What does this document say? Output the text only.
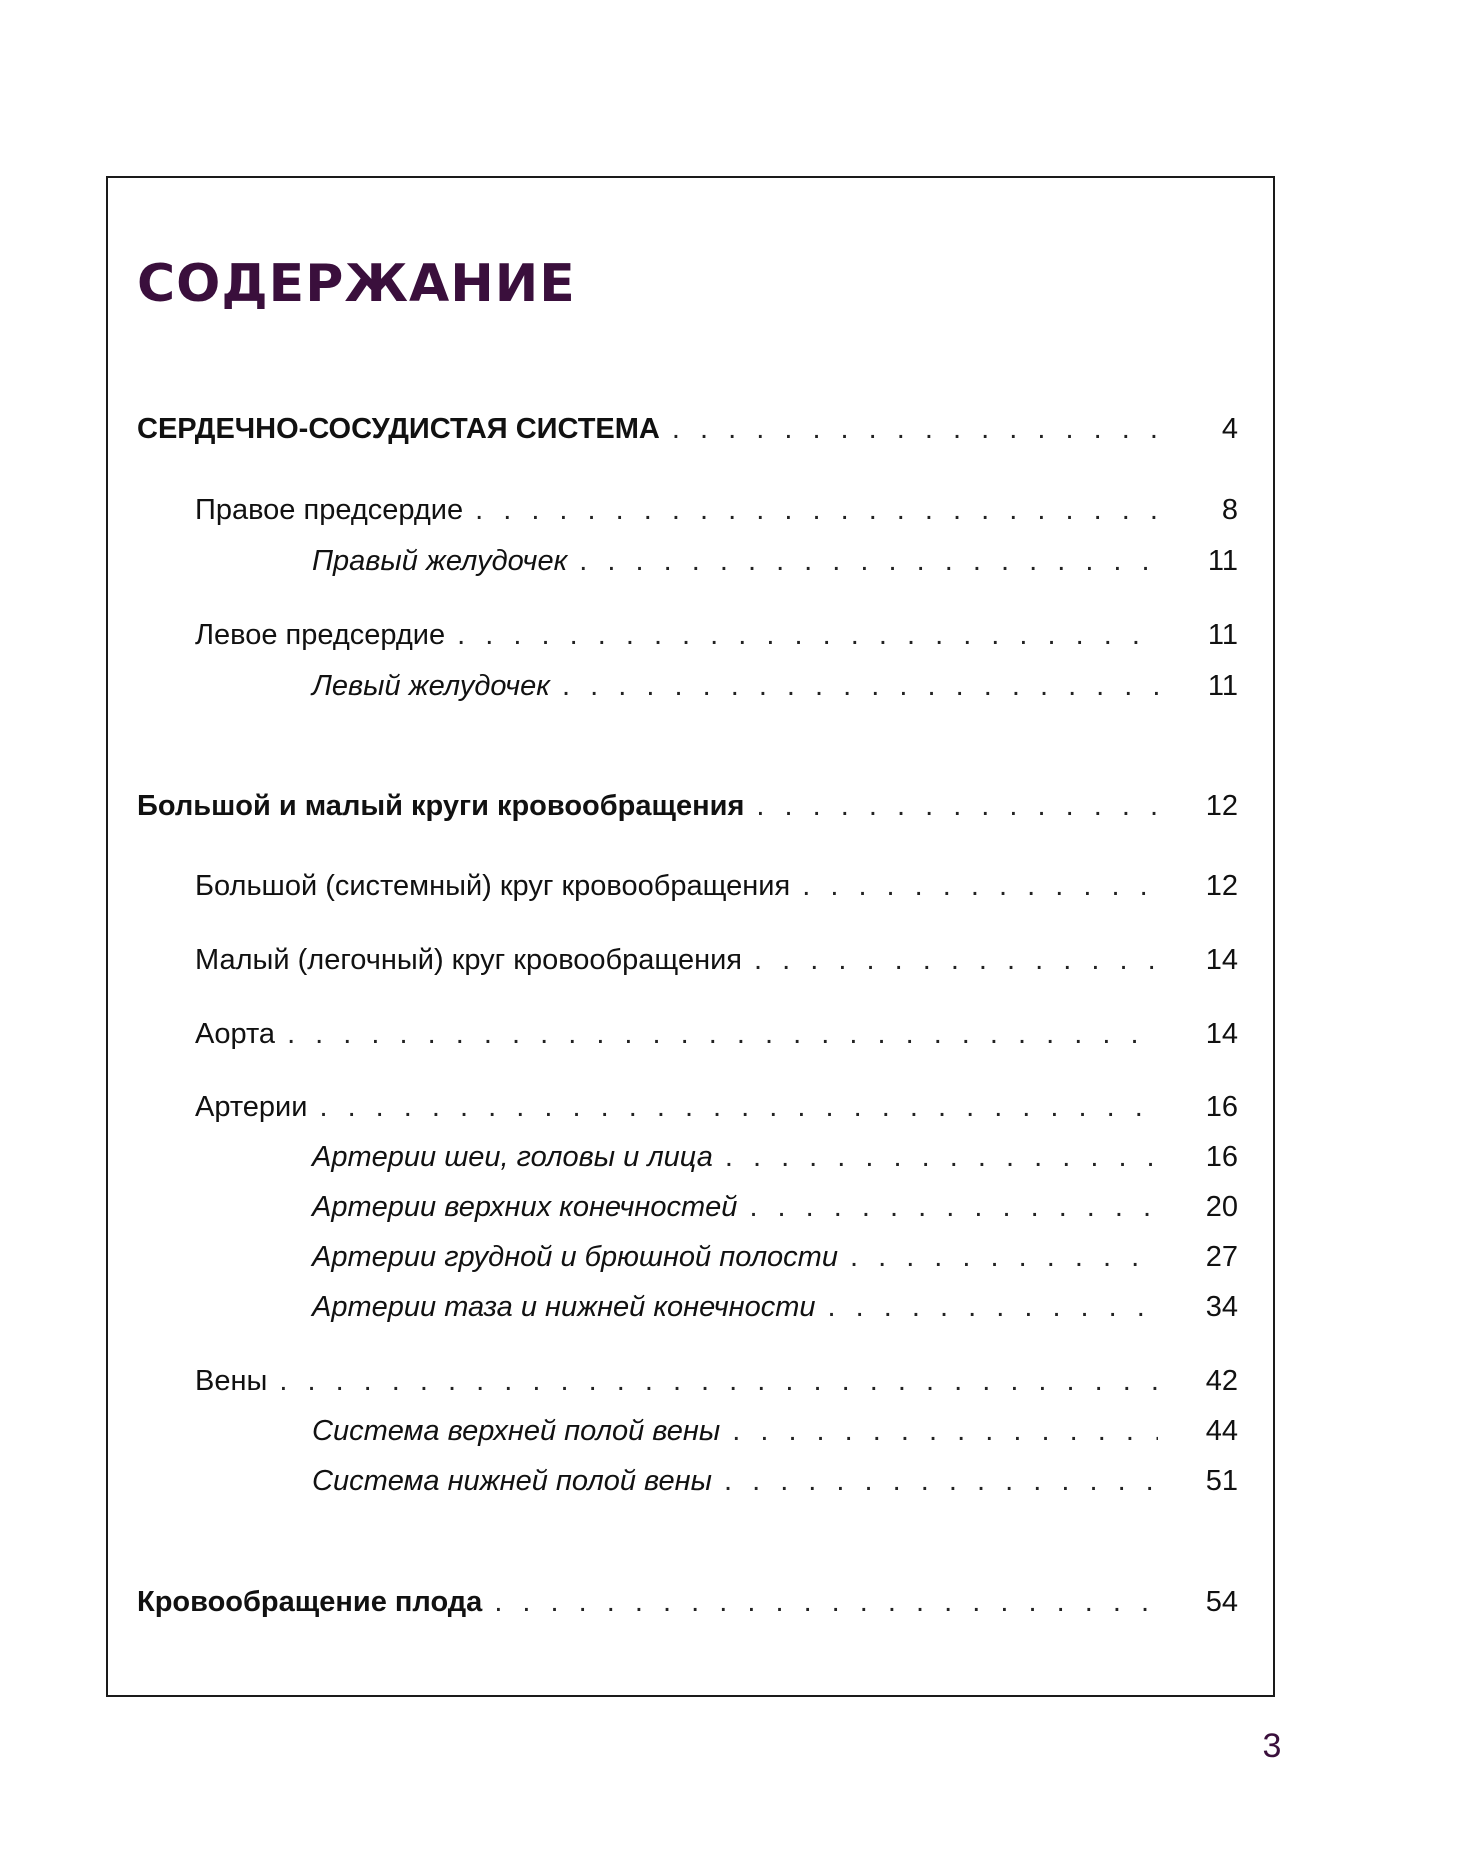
СОДЕРЖАНИЕ
СЕРДЕЧНО-СОСУДИСТАЯ СИСТЕМА . . .	4
Правое предсердие . . .	8
Правый желудочек . . .	11
Левое предсердие . . .	11
Левый желудочек . . .	11
Большой и малый круги кровообращения . . .	12
Большой (системный) круг кровообращения . . .	12
Малый (легочный) круг кровообращения . . .	14
Аорта . . .	14
Артерии . . .	16
Артерии шеи, головы и лица . . .	16
Артерии верхних конечностей . . .	20
Артерии грудной и брюшной полости . . .	27
Артерии таза и нижней конечности . . .	34
Вены . . .	42
Система верхней полой вены . . .	44
Система нижней полой вены . . .	51
Кровообращение плода . . .	54
3
